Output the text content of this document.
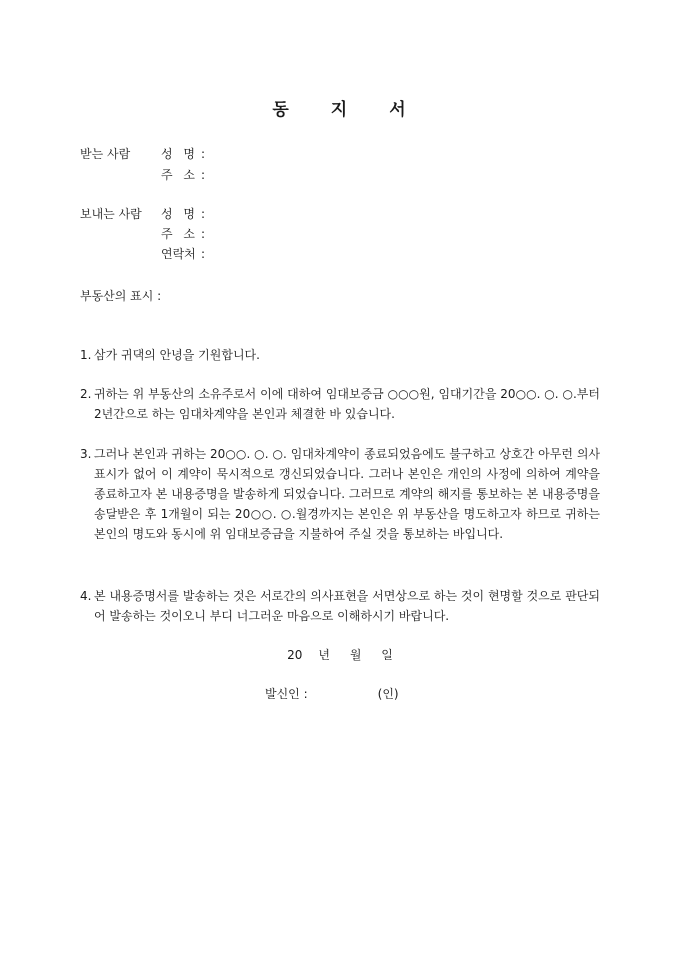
동 지 서
받는 사람	성 명 :
주 소 :
보내는 사람 성 명 :
주 소 :
연락처 :
부동산의 표시 :
1. 삼가 귀댁의 안녕을 기원합니다.
2. 귀하는 위 부동산의 소유주로서 이에 대하여 임대보증금 ○○○원, 임대기간을 20○○. ○. ○.부터 2년간으로 하는 임대차계약을 본인과 체결한 바 있습니다.
3. 그러나 본인과 귀하는 20○○. ○. ○. 임대차계약이 종료되었음에도 불구하고 상호간 아무런 의사표시가 없어 이 계약이 묵시적으로 갱신되었습니다. 그러나 본인은 개인의 사정에 의하여 계약을 종료하고자 본 내용증명을 발송하게 되었습니다. 그러므로 계약의 해지를 통보하는 본 내용증명을 송달받은 후 1개월이 되는 20○○. ○.월경까지는 본인은 위 부동산을 명도하고자 하므로 귀하는 본인의 명도와 동시에 위 임대보증금을 지불하여 주실 것을 통보하는 바입니다.
4. 본 내용증명서를 발송하는 것은 서로간의 의사표현을 서면상으로 하는 것이 현명할 것으로 판단되어 발송하는 것이오니 부디 너그러운 마음으로 이해하시기 바랍니다.
20 년 월 일
발신인 :	(인)
